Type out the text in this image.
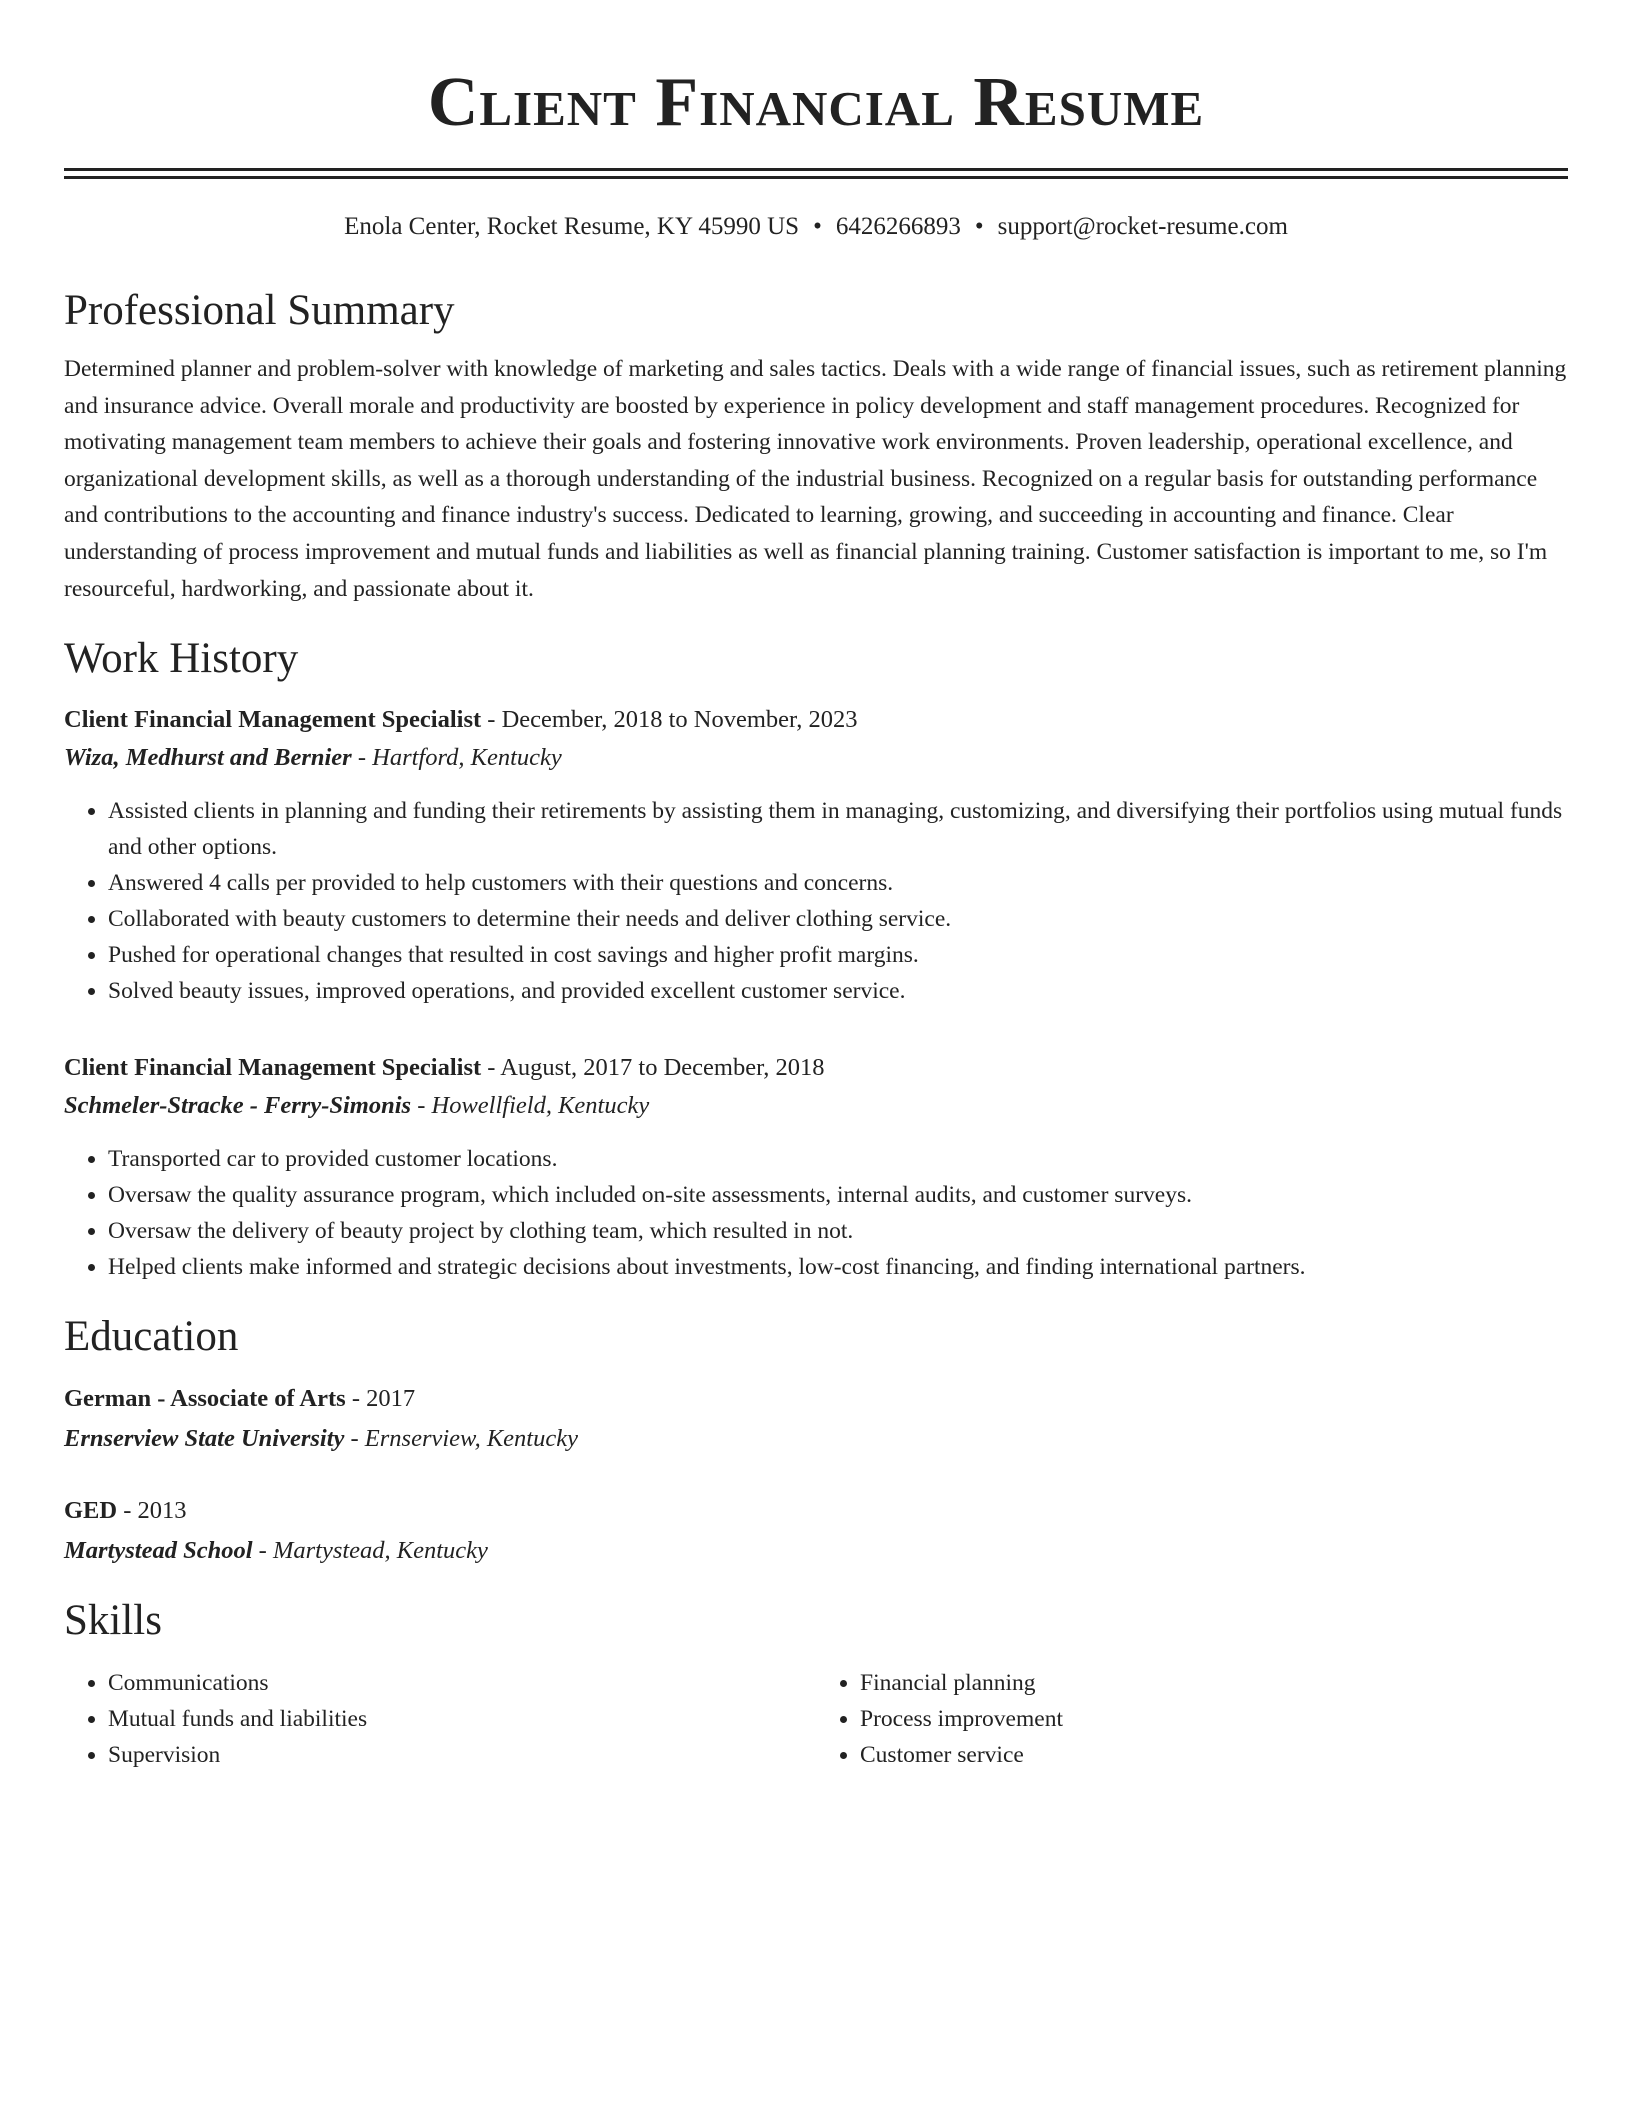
Client Financial Resume
Enola Center, Rocket Resume, KY 45990 US • 6426266893 • support@rocket-resume.com
Professional Summary
Determined planner and problem-solver with knowledge of marketing and sales tactics. Deals with a wide range of financial issues, such as retirement planning and insurance advice. Overall morale and productivity are boosted by experience in policy development and staff management procedures. Recognized for motivating management team members to achieve their goals and fostering innovative work environments. Proven leadership, operational excellence, and organizational development skills, as well as a thorough understanding of the industrial business. Recognized on a regular basis for outstanding performance and contributions to the accounting and finance industry's success. Dedicated to learning, growing, and succeeding in accounting and finance. Clear understanding of process improvement and mutual funds and liabilities as well as financial planning training. Customer satisfaction is important to me, so I'm resourceful, hardworking, and passionate about it.
Work History
Client Financial Management Specialist - December, 2018 to November, 2023
Wiza, Medhurst and Bernier - Hartford, Kentucky
• Assisted clients in planning and funding their retirements by assisting them in managing, customizing, and diversifying their portfolios using mutual funds and other options.
• Answered 4 calls per provided to help customers with their questions and concerns.
• Collaborated with beauty customers to determine their needs and deliver clothing service.
• Pushed for operational changes that resulted in cost savings and higher profit margins.
• Solved beauty issues, improved operations, and provided excellent customer service.
Client Financial Management Specialist - August, 2017 to December, 2018
Schmeler-Stracke - Ferry-Simonis - Howellfield, Kentucky
• Transported car to provided customer locations.
• Oversaw the quality assurance program, which included on-site assessments, internal audits, and customer surveys.
• Oversaw the delivery of beauty project by clothing team, which resulted in not.
• Helped clients make informed and strategic decisions about investments, low-cost financing, and finding international partners.
Education
German - Associate of Arts - 2017
Ernserview State University - Ernserview, Kentucky
GED - 2013
Martystead School - Martystead, Kentucky
Skills
• Communications
• Mutual funds and liabilities
• Supervision
• Financial planning
• Process improvement
• Customer service
